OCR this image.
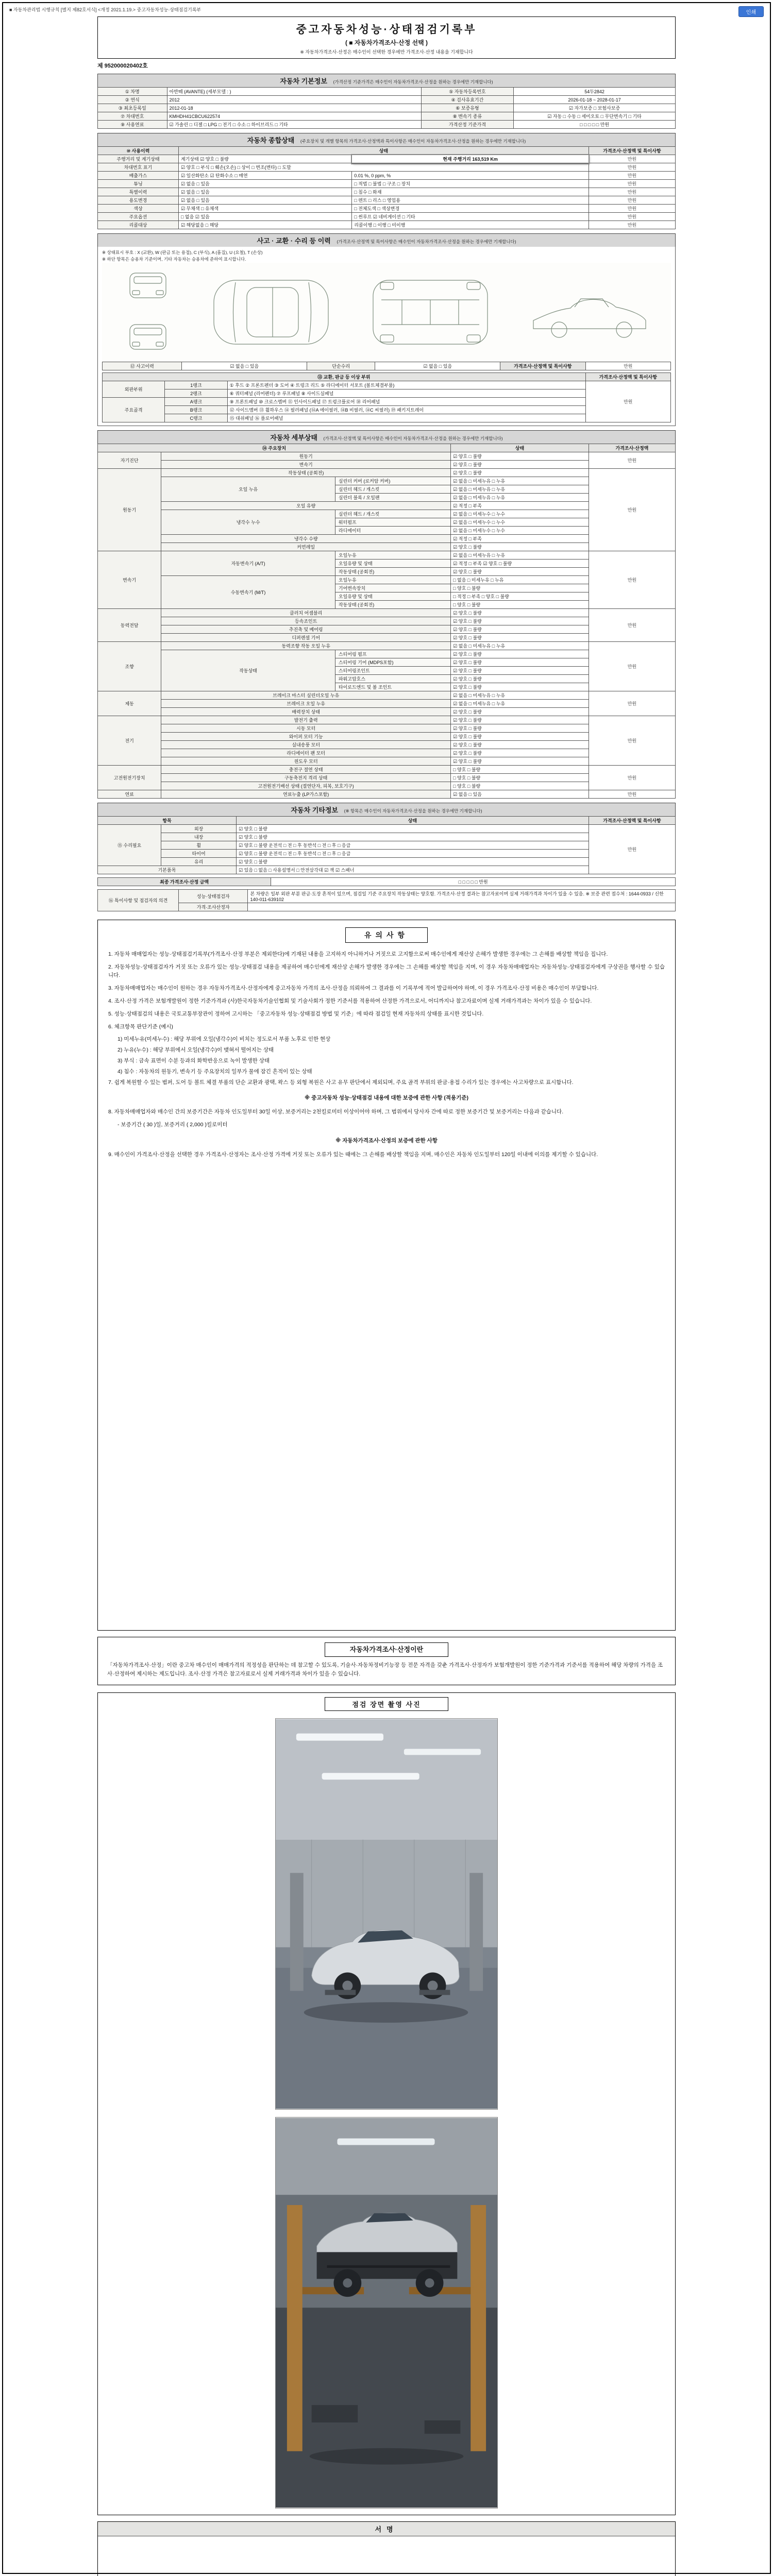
■ 자동차관리법 시행규칙 [별지 제82호서식] <개정 2021.1.19.> 중고자동차성능·상태점검기록부	인쇄
중고자동차성능·상태점검기록부
( ■ 자동차가격조사·산정 선택 )
※ 자동차가격조사·산정은 매수인이 선택한 경우에만 가격조사·산정 내용을 기재합니다
제 952000020402호
자동차 기본정보 (가격산정 기준가격은 매수인이 자동차가격조사·산정을 원하는 경우에만 기재합니다)
① 차명	아반떼 (AVANTE) (세부모델 : )	⑤ 자동차등록번호	54두2842
② 연식	2012	④ 검사유효기간	2026-01-18 ~ 2028-01-17
③ 최초등록일	2012-01-18	⑥ 보증유형	☑ 자가보증 □ 보험사보증
⑦ 차대번호	KMHDH41CBCU622574	⑧ 변속기 종류	☑ 자동 □ 수동 □ 세미오토 □ 무단변속기 □ 기타
⑨ 사용연료	☑ 가솔린 □ 디젤 □ LPG □ 전기 □ 수소 □ 하이브리드 □ 기타	가격산정 기준가격	□ □ □ □ □ 만원
자동차 종합상태 (주요장치 및 개별 항목의 가격조사·산정액과 특이사항은 매수인이 자동차가격조사·산정을 원하는 경우에만 기재합니다)
⑩ 사용이력	상태		가격조사·산정액 및 특이사항
주행거리 및 계기상태	계기상태 ☑ 양호 □ 불량	현재 주행거리 163,519 Km	만원
차대번호 표기	☑ 양호 □ 부식 □ 훼손(오손) □ 상이 □ 변조(변타) □ 도말		만원
배출가스	☑ 일산화탄소 ☑ 탄화수소 □ 매연	0.01 %, 0 ppm, %	만원
튜닝	☑ 없음 □ 있음	□ 적법 □ 불법 □ 구조 □ 장치	만원
특별이력	☑ 없음 □ 있음	□ 침수 □ 화재	만원
용도변경	☑ 없음 □ 있음	□ 렌트 □ 리스 □ 영업용	만원
색상	☑ 무채색 □ 유채색	□ 전체도색 □ 색상변경	만원
주요옵션	□ 없음 ☑ 있음	□ 썬루프 ☑ 네비게이션 □ 기타	만원
리콜대상	☑ 해당없음 □ 해당	리콜이행 □ 이행 □ 미이행	만원
사고 · 교환 · 수리 등 이력 (가격조사·산정액 및 특이사항은 매수인이 자동차가격조사·산정을 원하는 경우에만 기재합니다)
※ 상태표시 부호 : X (교환), W (판금 또는 용접), C (부식), A (흠집), U (요철), T (손상)
※ 하단 항목은 승용차 기준이며, 기타 자동차는 승용차에 준하여 표시합니다.
⑫ 사고이력	☑ 없음 □ 있음	단순수리	☑ 없음 □ 있음	가격조사·산정액 및 특이사항	만원
⑬ 교환, 판금 등 이상 부위			가격조사·산정액 및 특이사항
외판부위	1랭크	① 후드 ② 프론트펜더 ③ 도어 ④ 트렁크 리드 ⑤ 라디에이터 서포트 (볼트체결부품)	만원
	2랭크	⑥ 쿼터패널 (리어펜더) ⑦ 루프패널 ⑧ 사이드실패널	
주요골격	A랭크	⑨ 프론트패널 ⑩ 크로스멤버 ⑪ 인사이드패널 ⑰ 트렁크플로어 ⑱ 리어패널	
	B랭크	⑫ 사이드멤버 ⑬ 휠하우스 ⑭ 필러패널 (⑭A 에이필러, ⑭B 비필러, ⑭C 씨필러) ⑲ 패키지트레이	
	C랭크	⑮ 대쉬패널 ⑯ 플로어패널	
자동차 세부상태 (가격조사·산정액 및 특이사항은 매수인이 자동차가격조사·산정을 원하는 경우에만 기재합니다)
⑭ 주요장치			상태	가격조사·산정액
자기진단	원동기		☑ 양호 □ 불량	만원
	변속기		☑ 양호 □ 불량	
원동기	작동상태 (공회전)		☑ 양호 □ 불량	만원
	오일 누유	실린더 커버 (로커암 커버)	☑ 없음 □ 미세누유 □ 누유	
		실린더 헤드 / 개스킷	☑ 없음 □ 미세누유 □ 누유	
		실린더 블록 / 오일팬	☑ 없음 □ 미세누유 □ 누유	
	오일 유량		☑ 적정 □ 부족	
	냉각수 누수	실린더 헤드 / 개스킷	☑ 없음 □ 미세누수 □ 누수	
		워터펌프	☑ 없음 □ 미세누수 □ 누수	
		라디에이터	☑ 없음 □ 미세누수 □ 누수	
	냉각수 수량		☑ 적정 □ 부족	
	커먼레일		☑ 양호 □ 불량	
변속기	자동변속기 (A/T)	오일누유	☑ 없음 □ 미세누유 □ 누유	만원
		오일유량 및 상태	☑ 적정 □ 부족 ☑ 양호 □ 불량	
		작동상태 (공회전)	☑ 양호 □ 불량	
	수동변속기 (M/T)	오일누유	□ 없음 □ 미세누유 □ 누유	
		기어변속장치	□ 양호 □ 불량	
		오일유량 및 상태	□ 적정 □ 부족 □ 양호 □ 불량	
		작동상태 (공회전)	□ 양호 □ 불량	
동력전달	클러치 어셈블리		☑ 양호 □ 불량	만원
	등속조인트		☑ 양호 □ 불량	
	추진축 및 베어링		☑ 양호 □ 불량	
	디퍼렌셜 기어		☑ 양호 □ 불량	
조향	동력조향 작동 오일 누유		☑ 없음 □ 미세누유 □ 누유	만원
	작동상태	스티어링 펌프	☑ 양호 □ 불량	
		스티어링 기어 (MDPS포함)	☑ 양호 □ 불량	
		스티어링조인트	☑ 양호 □ 불량	
		파워고압호스	☑ 양호 □ 불량	
		타이로드엔드 및 볼 조인트	☑ 양호 □ 불량	
제동	브레이크 마스터 실린더오일 누유		☑ 없음 □ 미세누유 □ 누유	만원
	브레이크 오일 누유		☑ 없음 □ 미세누유 □ 누유	
	배력장치 상태		☑ 양호 □ 불량	
전기	발전기 출력		☑ 양호 □ 불량	만원
	시동 모터		☑ 양호 □ 불량	
	와이퍼 모터 기능		☑ 양호 □ 불량	
	실내송풍 모터		☑ 양호 □ 불량	
	라디에이터 팬 모터		☑ 양호 □ 불량	
	윈도우 모터		☑ 양호 □ 불량	
고전원전기장치	충전구 절연 상태		□ 양호 □ 불량	만원
	구동축전지 격리 상태		□ 양호 □ 불량	
	고전원전기배선 상태 (절연단자, 피복, 보호기구)		□ 양호 □ 불량	
연료	연료누출 (LP가스포함)		☑ 없음 □ 있음	만원
자동차 기타정보 (※ 항목은 매수인이 자동차가격조사·산정을 원하는 경우에만 기재합니다)
항목		상태	가격조사·산정액 및 특이사항
⑮ 수리필요	외장	☑ 양호 □ 불량	만원
	내장	☑ 양호 □ 불량	
	휠	☑ 양호 □ 불량 운전석 □ 전 □ 후 동반석 □ 전 □ 후 □ 응급	
	타이어	☑ 양호 □ 불량 운전석 □ 전 □ 후 동반석 □ 전 □ 후 □ 응급	
	유리	☑ 양호 □ 불량	
기본품목		☑ 있음 □ 없음 □ 사용설명서 □ 안전삼각대 ☑ 잭 ☑ 스패너	
최종 가격조사·산정 금액	□ □ □ □ □ 만원
⑯ 특이사항 및 점검자의 의견	성능·상태점검자	본 차량은 일부 외판 부분 판금·도장 흔적이 있으며, 점검일 기준 주요장치 작동상태는 양호함. 가격조사·산정 결과는 참고자료이며 실제 거래가격과 차이가 있을 수 있음. ※ 보증 관련 접수처 : 1644-0933 / 신한 140-011-639102
	가격·조사산정자	
유의사항

1. 자동차 매매업자는 성능·상태점검기록부(가격조사·산정 부분은 제외한다)에 기재된 내용을 고지하지 아니하거나 거짓으로 고지함으로써 매수인에게 재산상 손해가 발생한 경우에는 그 손해를 배상할 책임을 집니다.

2. 자동차성능·상태점검자가 거짓 또는 오류가 있는 성능·상태점검 내용을 제공하여 매수인에게 재산상 손해가 발생한 경우에는 그 손해를 배상할 책임을 지며, 이 경우 자동차매매업자는 자동차성능·상태점검자에게 구상권을 행사할 수 있습니다.

3. 자동차매매업자는 매수인이 원하는 경우 자동차가격조사·산정자에게 중고자동차 가격의 조사·산정을 의뢰하여 그 결과를 이 기록부에 적어 발급하여야 하며, 이 경우 가격조사·산정 비용은 매수인이 부담합니다.

4. 조사·산정 가격은 보험개발원이 정한 기준가격과 (사)한국자동차기술인협회 및 기술사회가 정한 기준서를 적용하여 산정한 가격으로서, 어디까지나 참고자료이며 실제 거래가격과는 차이가 있을 수 있습니다.

5. 성능·상태점검의 내용은 국토교통부장관이 정하여 고시하는 「중고자동차 성능·상태점검 방법 및 기준」에 따라 점검일 현재 자동차의 상태를 표시한 것입니다.

6. 체크항목 판단기준 (예시)

1) 미세누유(미세누수) : 해당 부위에 오일(냉각수)이 비치는 정도로서 부품 노후로 인한 현상

2) 누유(누수) : 해당 부위에서 오일(냉각수)이 맺혀서 떨어지는 상태

3) 부식 : 금속 표면이 수분 등과의 화학반응으로 녹이 발생한 상태

4) 침수 : 자동차의 원동기, 변속기 등 주요장치의 일부가 물에 잠긴 흔적이 있는 상태

7. 쉽게 복원할 수 있는 범퍼, 도어 등 볼트 체결 부품의 단순 교환과 광택, 왁스 등 외형 복원은 사고 유무 판단에서 제외되며, 주요 골격 부위의 판금·용접 수리가 있는 경우에는 사고차량으로 표시합니다.

※ 중고자동차 성능·상태점검 내용에 대한 보증에 관한 사항 (적용기준)

8. 자동차매매업자와 매수인 간의 보증기간은 자동차 인도일부터 30일 이상, 보증거리는 2천킬로미터 이상이어야 하며, 그 범위에서 당사자 간에 따로 정한 보증기간 및 보증거리는 다음과 같습니다.

- 보증기간 ( 30 )일, 보증거리 ( 2,000 )킬로미터

※ 자동차가격조사·산정의 보증에 관한 사항

9. 매수인이 가격조사·산정을 선택한 경우 가격조사·산정자는 조사·산정 가격에 거짓 또는 오류가 있는 때에는 그 손해를 배상할 책임을 지며, 매수인은 자동차 인도일부터 120일 이내에 이의를 제기할 수 있습니다.

자동차가격조사·산정이란

「자동차가격조사·산정」이란 중고차 매수인이 매매가격의 적정성을 판단하는 데 참고할 수 있도록, 기술사·자동차정비기능장 등 전문 자격을 갖춘 가격조사·산정자가 보험개발원이 정한 기준가격과 기준서를 적용하여 해당 차량의 가격을 조사·산정하여 제시하는 제도입니다. 조사·산정 가격은 참고자료로서 실제 거래가격과 차이가 있을 수 있습니다.

점검 장면 촬영 사진
서명
